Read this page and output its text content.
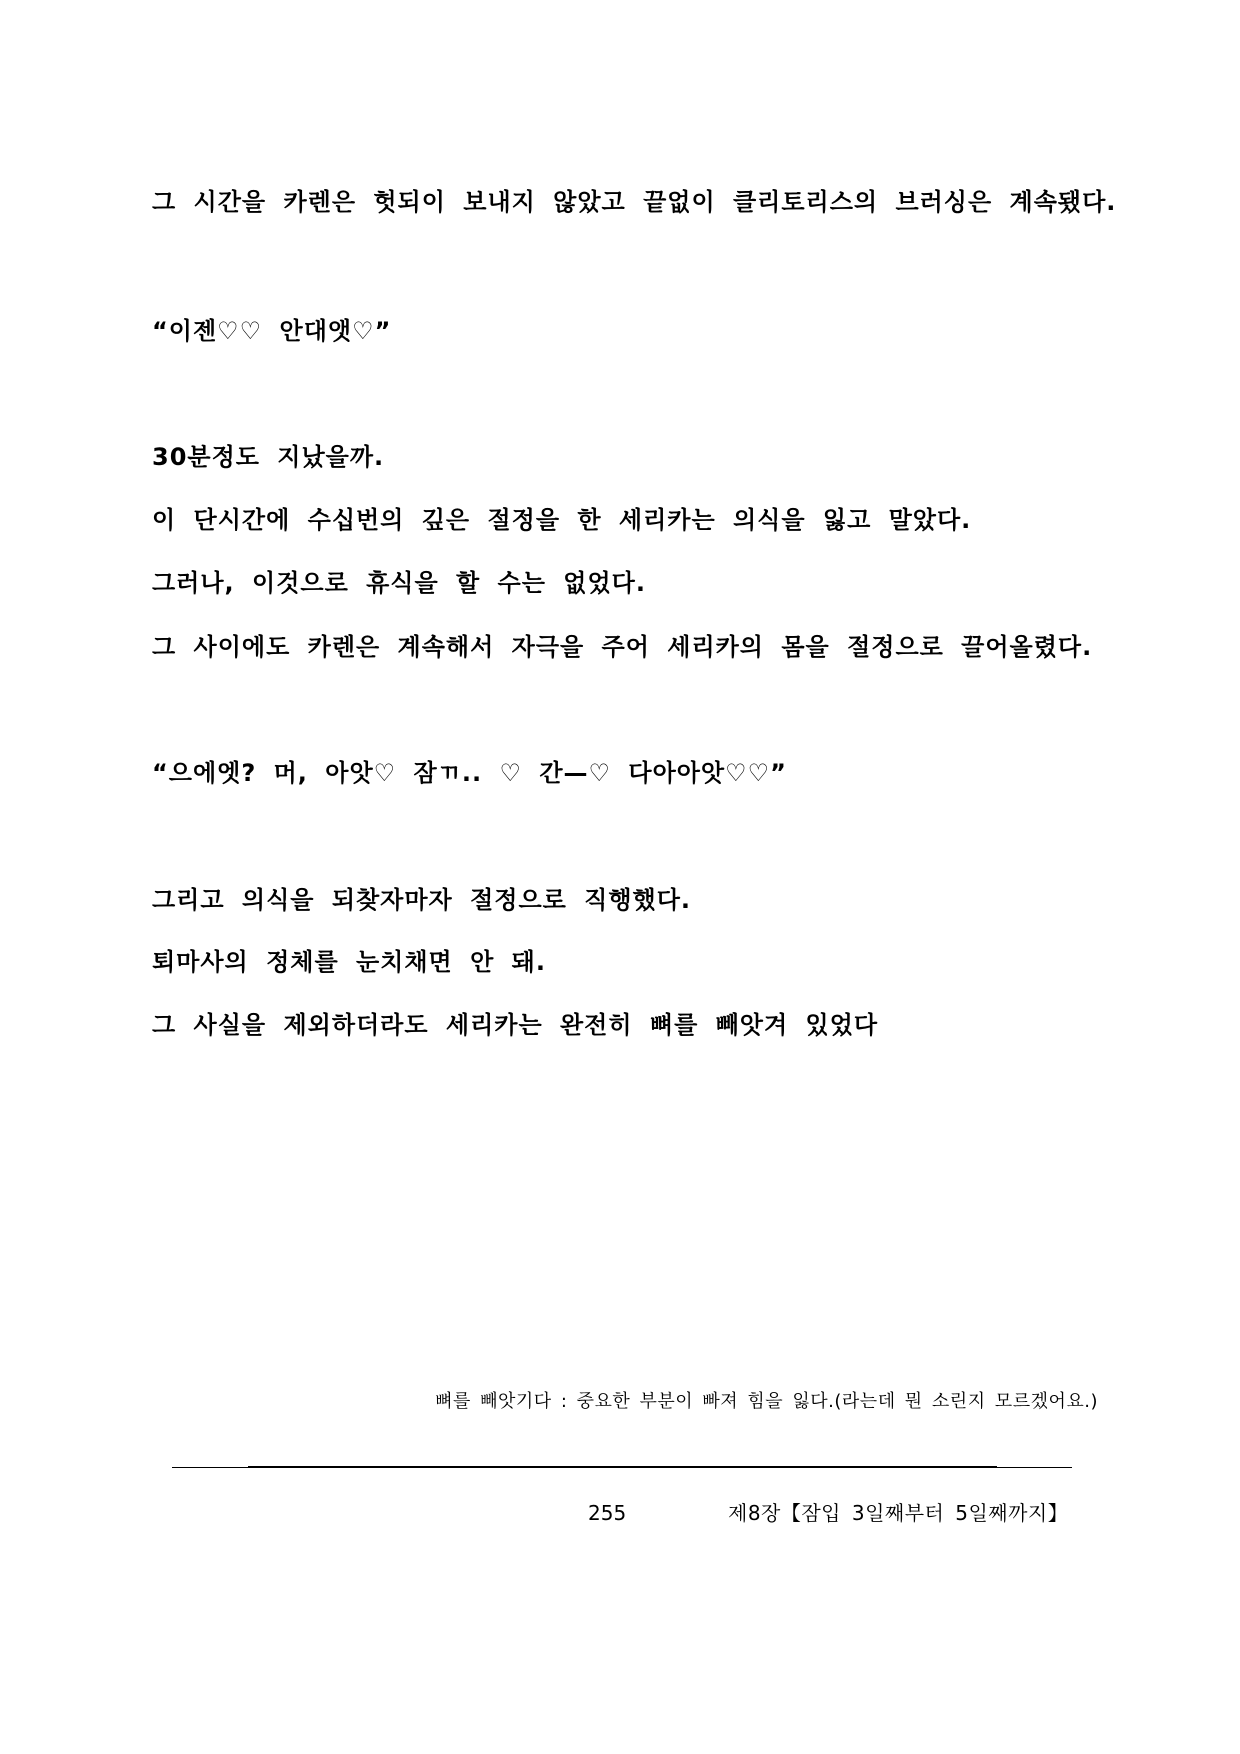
그 시간을 카렌은 헛되이 보내지 않았고 끝없이 클리토리스의 브러싱은 계속됐다.
“이젠♡♡ 안대앳♡”
30분정도 지났을까.
이 단시간에 수십번의 깊은 절정을 한 세리카는 의식을 잃고 말았다.
그러나, 이것으로 휴식을 할 수는 없었다.
그 사이에도 카렌은 계속해서 자극을 주어 세리카의 몸을 절정으로 끌어올렸다.
“으에엣? 머, 아앗♡ 잠ㄲ.. ♡ 간—♡ 다아아앗♡♡”
그리고 의식을 되찾자마자 절정으로 직행했다.
퇴마사의 정체를 눈치채면 안 돼.
그 사실을 제외하더라도 세리카는 완전히 뼈를 빼앗겨 있었다
뼈를 빼앗기다 : 중요한 부분이 빠져 힘을 잃다.(라는데 뭔 소린지 모르겠어요.)
255	제8장【잠입 3일째부터 5일째까지】
